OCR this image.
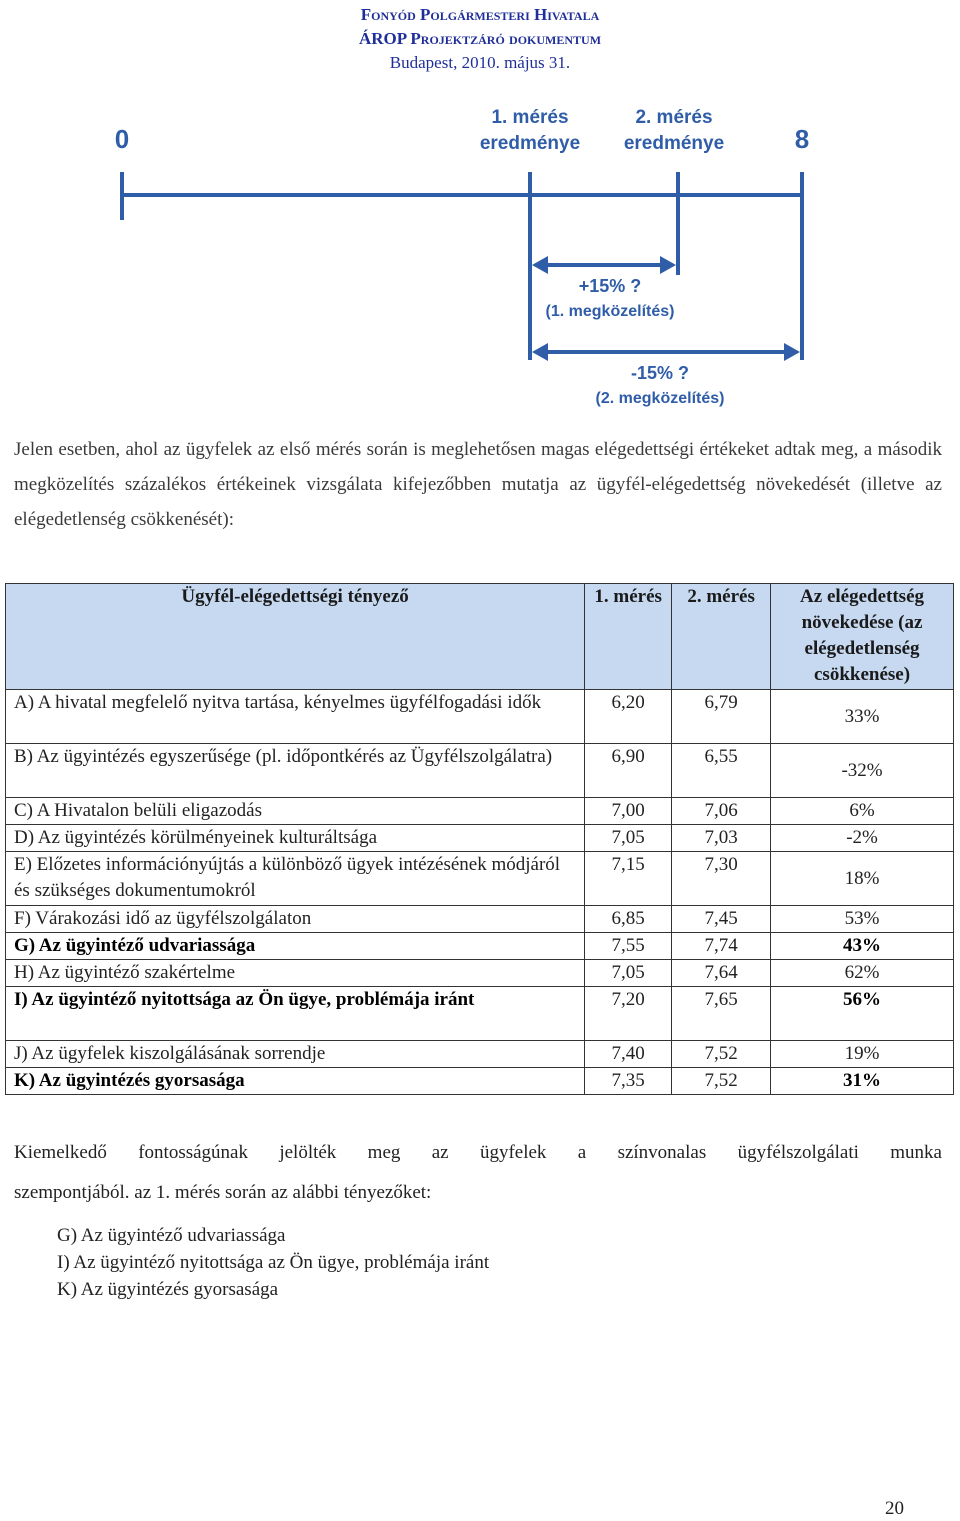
Fonyód Polgármesteri Hivatala
ÁROP Projektzáró dokumentum
Budapest, 2010. május 31.
0	8
1. mérés
eredménye
2. mérés
eredménye
+15% ?
(1. megközelítés)
-15% ?
(2. megközelítés)
Jelen esetben, ahol az ügyfelek az első mérés során is meglehetősen magas elégedettségi értékeket adtak meg, a második megközelítés százalékos értékeinek vizsgálata kifejezőbben mutatja az ügyfél-elégedettség növekedését (illetve az elégedetlenség csökkenését):
Ügyfél-elégedettségi tényező	1. mérés	2. mérés	Az elégedettség növekedése (az elégedetlenség csökkenése)
A) A hivatal megfelelő nyitva tartása, kényelmes ügyfélfogadási idők	6,20	6,79	33%
B) Az ügyintézés egyszerűsége (pl. időpontkérés az Ügyfélszolgálatra)	6,90	6,55	-32%
C) A Hivatalon belüli eligazodás	7,00	7,06	6%
D) Az ügyintézés körülményeinek kulturáltsága	7,05	7,03	-2%
E) Előzetes információnyújtás a különböző ügyek intézésének módjáról és szükséges dokumentumokról	7,15	7,30	18%
F) Várakozási idő az ügyfélszolgálaton	6,85	7,45	53%
G) Az ügyintéző udvariassága	7,55	7,74	43%
H) Az ügyintéző szakértelme	7,05	7,64	62%
I) Az ügyintéző nyitottsága az Ön ügye, problémája iránt	7,20	7,65	56%
J) Az ügyfelek kiszolgálásának sorrendje	7,40	7,52	19%
K) Az ügyintézés gyorsasága	7,35	7,52	31%
Kiemelkedő fontosságúnak jelölték meg az ügyfelek a színvonalas ügyfélszolgálati munka
szempontjából. az 1. mérés során az alábbi tényezőket:
G) Az ügyintéző udvariassága
I) Az ügyintéző nyitottsága az Ön ügye, problémája iránt
K) Az ügyintézés gyorsasága
20
